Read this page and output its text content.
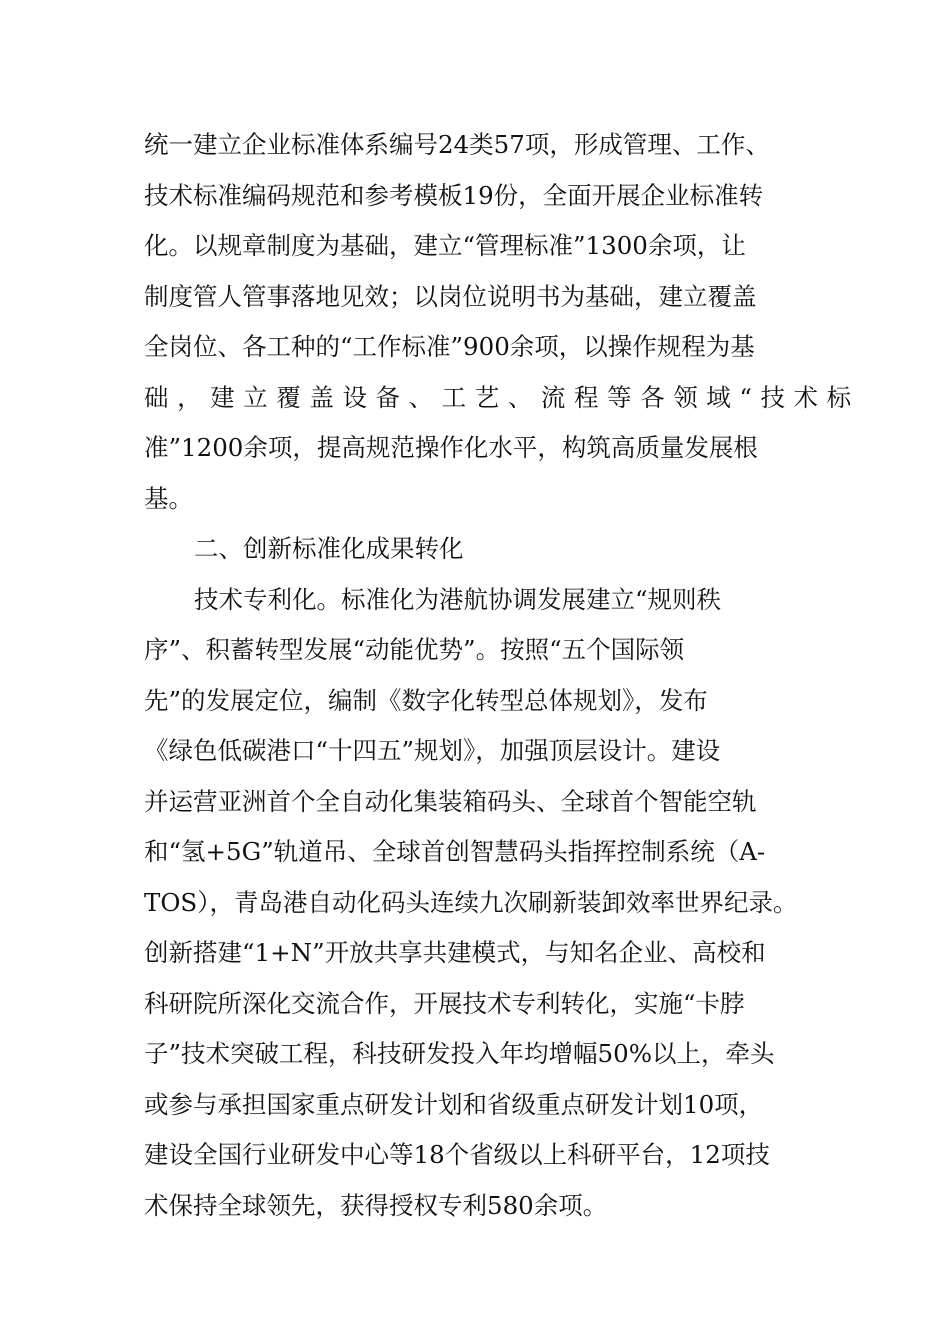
统一建立企业标准体系编号24类57项，形成管理、工作、
技术标准编码规范和参考模板19份，全面开展企业标准转
化。以规章制度为基础，建立“管理标准”1300余项，让
制度管人管事落地见效；以岗位说明书为基础，建立覆盖
全岗位、各工种的“工作标准”900余项，以操作规程为基
础，建立覆盖设备、工艺、流程等各领域“技术标
准”1200余项，提高规范操作化水平，构筑高质量发展根
基。
二、创新标准化成果转化
技术专利化。标准化为港航协调发展建立“规则秩
序”、积蓄转型发展“动能优势”。按照“五个国际领
先”的发展定位，编制《数字化转型总体规划》，发布
《绿色低碳港口“十四五”规划》，加强顶层设计。建设
并运营亚洲首个全自动化集装箱码头、全球首个智能空轨
和“氢+5G”轨道吊、全球首创智慧码头指挥控制系统（A-
TOS），青岛港自动化码头连续九次刷新装卸效率世界纪录。
创新搭建“1+N”开放共享共建模式，与知名企业、高校和
科研院所深化交流合作，开展技术专利转化，实施“卡脖
子”技术突破工程，科技研发投入年均增幅50%以上，牵头
或参与承担国家重点研发计划和省级重点研发计划10项，
建设全国行业研发中心等18个省级以上科研平台，12项技
术保持全球领先，获得授权专利580余项。
